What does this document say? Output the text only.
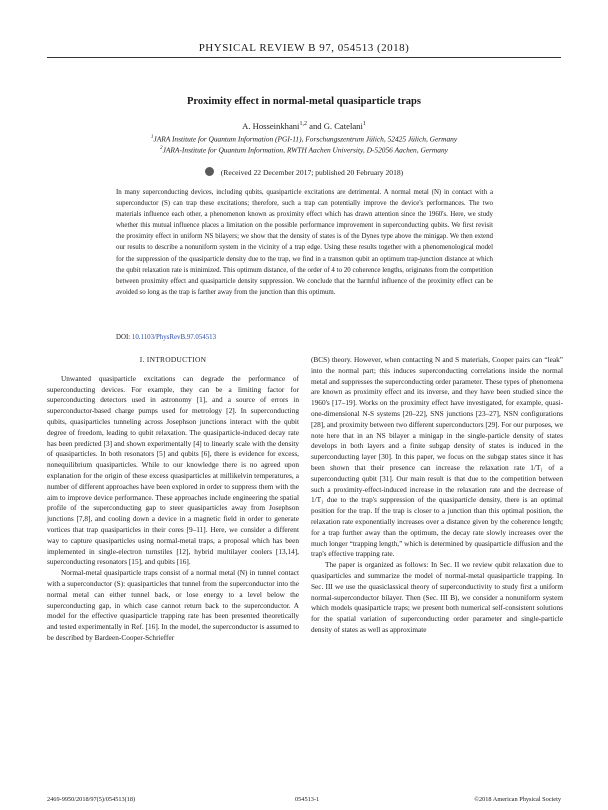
PHYSICAL REVIEW B 97, 054513 (2018)
Proximity effect in normal-metal quasiparticle traps
A. Hosseinkhani$^{1,2}$ and G. Catelani$^1$
$^1$JARA Institute for Quantum Information (PGI-11), Forschungszentrum Jülich, 52425 Jülich, Germany
$^2$JARA-Institute for Quantum Information, RWTH Aachen University, D-52056 Aachen, Germany
(Received 22 December 2017; published 20 February 2018)
In many superconducting devices, including qubits, quasiparticle excitations are detrimental. A normal metal (N) in contact with a superconductor (S) can trap these excitations; therefore, such a trap can potentially improve the device's performances. The two materials influence each other, a phenomenon known as proximity effect which has drawn attention since the 1960's. Here, we study whether this mutual influence places a limitation on the possible performance improvement in superconducting qubits. We first revisit the proximity effect in uniform NS bilayers; we show that the density of states is of the Dynes type above the minigap. We then extend our results to describe a nonuniform system in the vicinity of a trap edge. Using these results together with a phenomenological model for the suppression of the quasiparticle density due to the trap, we find in a transmon qubit an optimum trap-junction distance at which the qubit relaxation rate is minimized. This optimum distance, of the order of 4 to 20 coherence lengths, originates from the competition between proximity effect and quasiparticle density suppression. We conclude that the harmful influence of the proximity effect can be avoided so long as the trap is farther away from the junction than this optimum.
DOI: 10.1103/PhysRevB.97.054513
I. INTRODUCTION

Unwanted quasiparticle excitations can degrade the performance of superconducting devices. For example, they can be a limiting factor for superconducting detectors used in astronomy [1], and a source of errors in superconductor-based charge pumps used for metrology [2]. In superconducting qubits, quasiparticles tunneling across Josephson junctions interact with the qubit degree of freedom, leading to qubit relaxation. The quasiparticle-induced decay rate has been predicted [3] and shown experimentally [4] to linearly scale with the density of quasiparticles. In both resonators [5] and qubits [6], there is evidence for excess, nonequilibrium quasiparticles. While to our knowledge there is no agreed upon explanation for the origin of these excess quasiparticles at millikelvin temperatures, a number of different approaches have been explored in order to suppress them with the aim to improve device performance. These approaches include engineering the spatial profile of the superconducting gap to steer quasiparticles away from Josephson junctions [7,8], and cooling down a device in a magnetic field in order to generate vortices that trap quasiparticles in their cores [9–11]. Here, we consider a different way to capture quasiparticles using normal-metal traps, a proposal which has been implemented in single-electron turnstiles [12], hybrid multilayer coolers [13,14], superconducting resonators [15], and qubits [16].

Normal-metal quasiparticle traps consist of a normal metal (N) in tunnel contact with a superconductor (S): quasiparticles that tunnel from the superconductor into the normal metal can either tunnel back, or lose energy to a level below the superconducting gap, in which case cannot return back to the superconductor. A model for the effective quasiparticle trapping rate has been presented theoretically and tested experimentally in Ref. [16]. In the model, the superconductor is assumed to be described by Bardeen-Cooper-Schrieffer

(BCS) theory. However, when contacting N and S materials, Cooper pairs can “leak” into the normal part; this induces superconducting correlations inside the normal metal and suppresses the superconducting order parameter. These types of phenomena are known as proximity effect and its inverse, and they have been studied since the 1960's [17–19]. Works on the proximity effect have investigated, for example, quasi-one-dimensional N-S systems [20–22], SNS junctions [23–27], NSN configurations [28], and proximity between two different superconductors [29]. For our purposes, we note here that in an NS bilayer a minigap in the single-particle density of states develops in both layers and a finite subgap density of states is induced in the superconducting layer [30]. In this paper, we focus on the subgap states since it has been shown that their presence can increase the relaxation rate 1/T₁ of a superconducting qubit [31]. Our main result is that due to the competition between such a proximity-effect-induced increase in the relaxation rate and the decrease of 1/T₁ due to the trap's suppression of the quasiparticle density, there is an optimal position for the trap. If the trap is closer to a junction than this optimal position, the relaxation rate exponentially increases over a distance given by the coherence length; for a trap further away than the optimum, the decay rate slowly increases over the much longer “trapping length,” which is determined by quasiparticle diffusion and the trap's effective trapping rate.

The paper is organized as follows: In Sec. II we review qubit relaxation due to quasiparticles and summarize the model of normal-metal quasiparticle trapping. In Sec. III we use the quasiclassical theory of superconductivity to study first a uniform normal-superconductor bilayer. Then (Sec. III B), we consider a nonuniform system which models quasiparticle traps; we present both numerical self-consistent solutions for the spatial variation of superconducting order parameter and single-particle density of states as well as approximate

2469-9950/2018/97(5)/054513(18)	054513-1	©2018 American Physical Society
